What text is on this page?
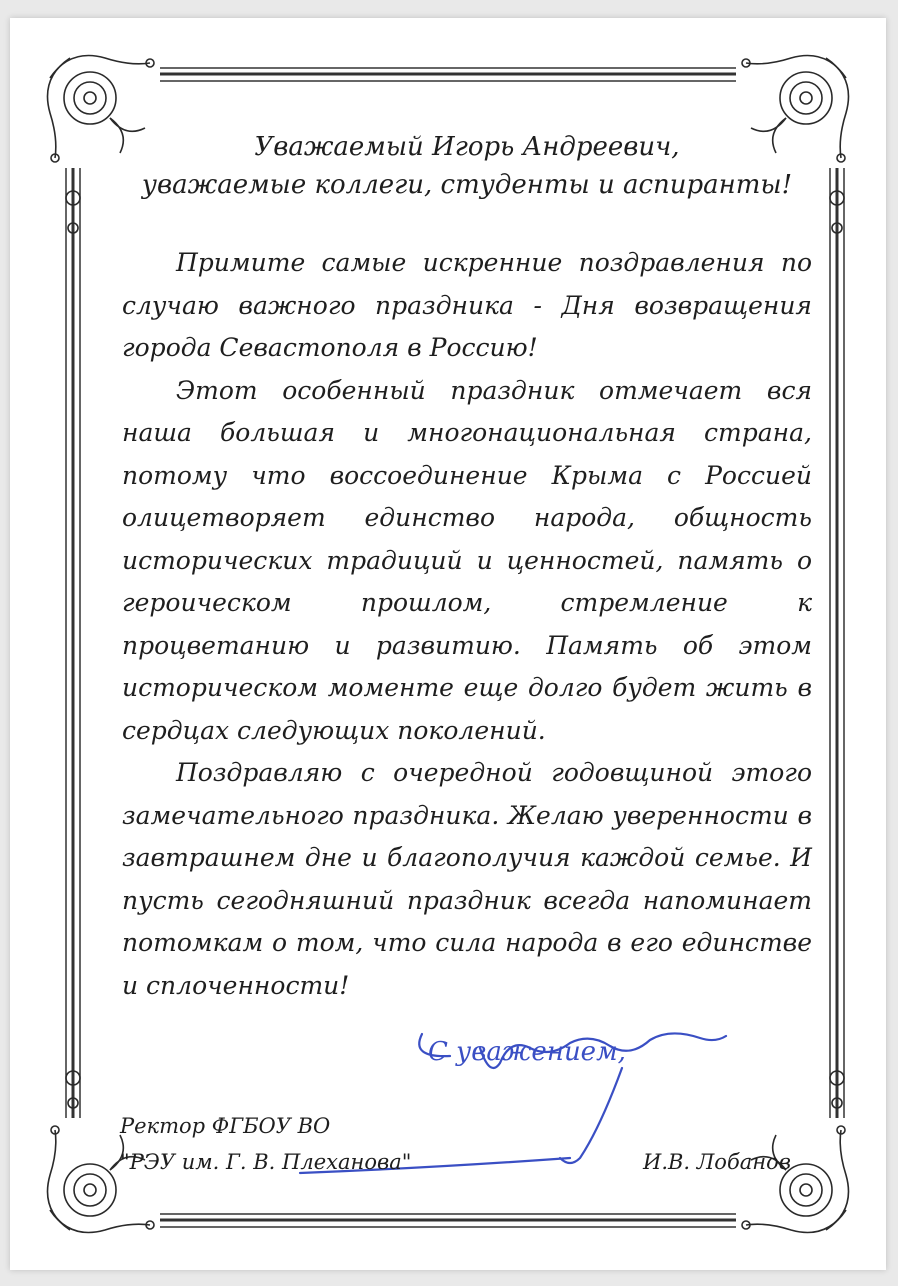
Уважаемый Игорь Андреевич,
уважаемые коллеги, студенты и аспиранты!

Примите самые искренние поздравления по случаю важного праздника - Дня возвращения города Севастополя в Россию!

Этот особенный праздник отмечает вся наша большая и многонациональная страна, потому что воссоединение Крыма с Россией олицетворяет единство народа, общность исторических традиций и ценностей, память о героическом прошлом, стремление к процветанию и развитию. Память об этом историческом моменте еще долго будет жить в сердцах следующих поколений.

Поздравляю с очередной годовщиной этого замечательного праздника. Желаю уверенности в завтрашнем дне и благополучия каждой семье. И пусть сегодняшний праздник всегда напоминает потомкам о том, что сила народа в его единстве и сплоченности!

С уважением,
Ректор ФГБОУ ВО
"РЭУ им. Г. В. Плеханова"	И.В. Лобанов
